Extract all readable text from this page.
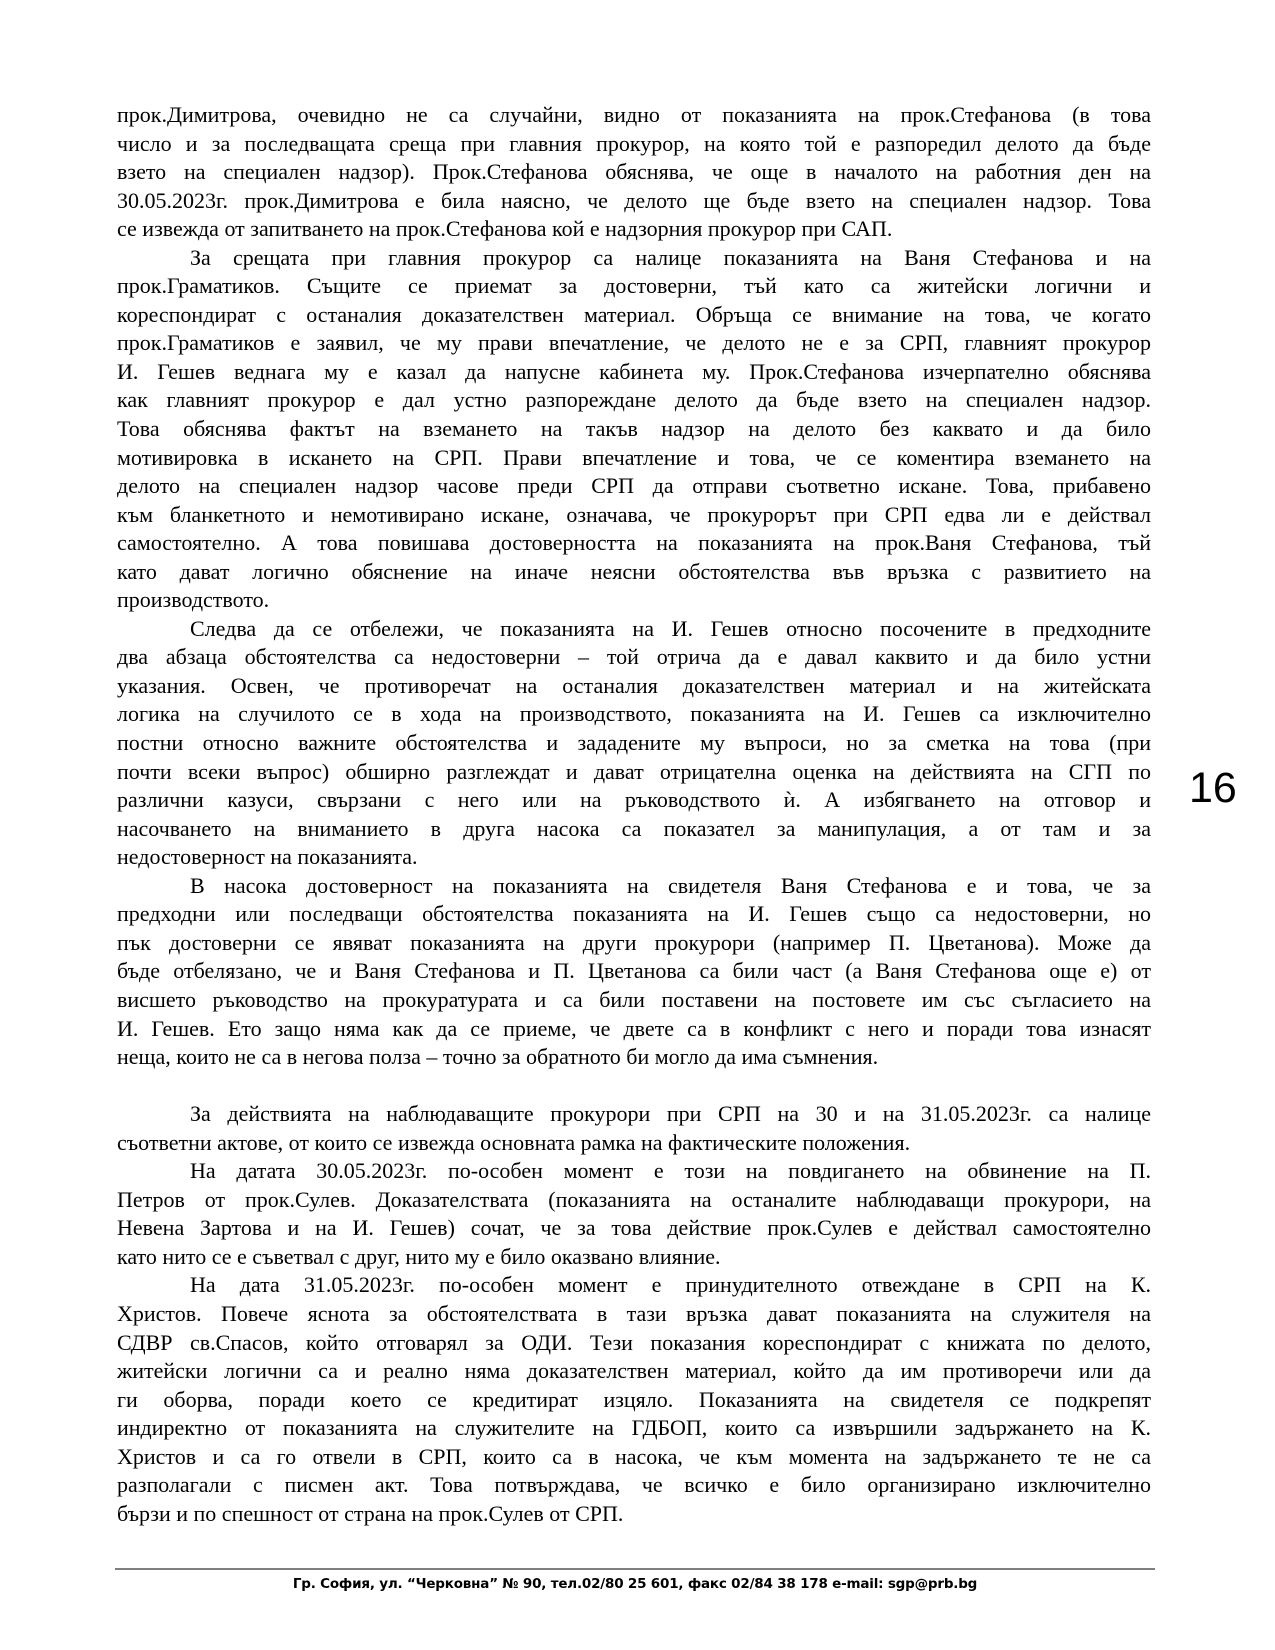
прок.Димитрова, очевидно не са случайни, видно от показанията на прок.Стефанова (в това
число и за последващата среща при главния прокурор, на която той е разпоредил делото да бъде
взето на специален надзор). Прок.Стефанова обяснява, че още в началото на работния ден на
30.05.2023г. прок.Димитрова е била наясно, че делото ще бъде взето на специален надзор. Това
се извежда от запитването на прок.Стефанова кой е надзорния прокурор при САП.
За срещата при главния прокурор са налице показанията на Ваня Стефанова и на
прок.Граматиков. Същите се приемат за достоверни, тъй като са житейски логични и
кореспондират с останалия доказателствен материал. Обръща се внимание на това, че когато
прок.Граматиков е заявил, че му прави впечатление, че делото не е за СРП, главният прокурор
И. Гешев веднага му е казал да напусне кабинета му. Прок.Стефанова изчерпателно обяснява
как главният прокурор е дал устно разпореждане делото да бъде взето на специален надзор.
Това обяснява фактът на вземането на такъв надзор на делото без каквато и да било
мотивировка в искането на СРП. Прави впечатление и това, че се коментира вземането на
делото на специален надзор часове преди СРП да отправи съответно искане. Това, прибавено
към бланкетното и немотивирано искане, означава, че прокурорът при СРП едва ли е действал
самостоятелно. А това повишава достоверността на показанията на прок.Ваня Стефанова, тъй
като дават логично обяснение на иначе неясни обстоятелства във връзка с развитието на
производството.
Следва да се отбележи, че показанията на И. Гешев относно посочените в предходните
два абзаца обстоятелства са недостоверни – той отрича да е давал каквито и да било устни
указания. Освен, че противоречат на останалия доказателствен материал и на житейската
логика на случилото се в хода на производството, показанията на И. Гешев са изключително
постни относно важните обстоятелства и зададените му въпроси, но за сметка на това (при
почти всеки въпрос) обширно разглеждат и дават отрицателна оценка на действията на СГП по
различни казуси, свързани с него или на ръководството ѝ. А избягването на отговор и
насочването на вниманието в друга насока са показател за манипулация, а от там и за
недостоверност на показанията.
В насока достоверност на показанията на свидетеля Ваня Стефанова е и това, че за
предходни или последващи обстоятелства показанията на И. Гешев също са недостоверни, но
пък достоверни се явяват показанията на други прокурори (например П. Цветанова). Може да
бъде отбелязано, че и Ваня Стефанова и П. Цветанова са били част (а Ваня Стефанова още е) от
висшето ръководство на прокуратурата и са били поставени на постовете им със съгласието на
И. Гешев. Ето защо няма как да се приеме, че двете са в конфликт с него и поради това изнасят
неща, които не са в негова полза – точно за обратното би могло да има съмнения.
За действията на наблюдаващите прокурори при СРП на 30 и на 31.05.2023г. са налице
съответни актове, от които се извежда основната рамка на фактическите положения.
На датата 30.05.2023г. по-особен момент е този на повдигането на обвинение на П.
Петров от прок.Сулев. Доказателствата (показанията на останалите наблюдаващи прокурори, на
Невена Зартова и на И. Гешев) сочат, че за това действие прок.Сулев е действал самостоятелно
като нито се е съветвал с друг, нито му е било оказвано влияние.
На дата 31.05.2023г. по-особен момент е принудителното отвеждане в СРП на К.
Христов. Повече яснота за обстоятелствата в тази връзка дават показанията на служителя на
СДВР св.Спасов, който отговарял за ОДИ. Тези показания кореспондират с книжата по делото,
житейски логични са и реално няма доказателствен материал, който да им противоречи или да
ги оборва, поради което се кредитират изцяло. Показанията на свидетеля се подкрепят
индиректно от показанията на служителите на ГДБОП, които са извършили задържането на К.
Христов и са го отвели в СРП, които са в насока, че към момента на задържането те не са
разполагали с писмен акт. Това потвърждава, че всичко е било организирано изключително
бързи и по спешност от страна на прок.Сулев от СРП.
16
Гр. София, ул. “Черковна” № 90, тел.02/80 25 601, факс 02/84 38 178 e-mail: sgp@prb.bg
